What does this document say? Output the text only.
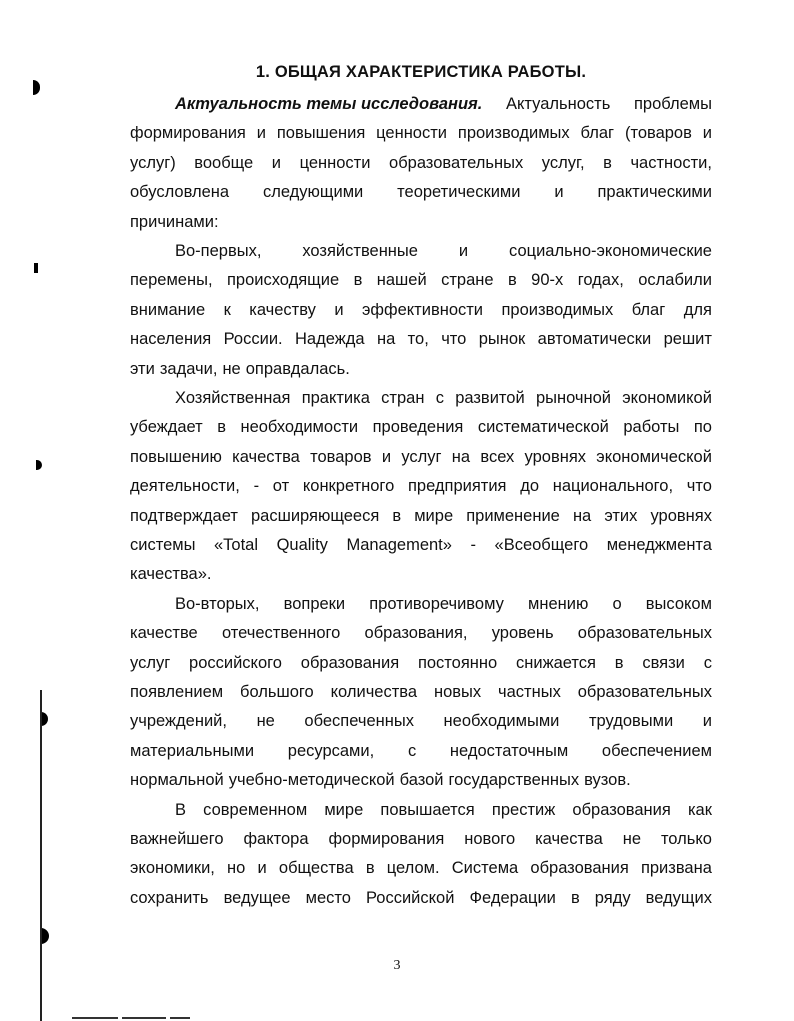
1. ОБЩАЯ ХАРАКТЕРИСТИКА РАБОТЫ.
Актуальность темы исследования. Актуальность проблемы
формирования и повышения ценности производимых благ (товаров и
услуг) вообще и ценности образовательных услуг, в частности,
обусловлена следующими теоретическими и практическими
причинами:
Во-первых, хозяйственные и социально-экономические
перемены, происходящие в нашей стране в 90-х годах, ослабили
внимание к качеству и эффективности производимых благ для
населения России. Надежда на то, что рынок автоматически решит
эти задачи, не оправдалась.
Хозяйственная практика стран с развитой рыночной экономикой
убеждает в необходимости проведения систематической работы по
повышению качества товаров и услуг на всех уровнях экономической
деятельности, - от конкретного предприятия до национального, что
подтверждает расширяющееся в мире применение на этих уровнях
системы «Total Quality Management» - «Всеобщего менеджмента
качества».
Во-вторых, вопреки противоречивому мнению о высоком
качестве отечественного образования, уровень образовательных
услуг российского образования постоянно снижается в связи с
появлением большого количества новых частных образовательных
учреждений, не обеспеченных необходимыми трудовыми и
материальными ресурсами, с недостаточным обеспечением
нормальной учебно-методической базой государственных вузов.
В современном мире повышается престиж образования как
важнейшего фактора формирования нового качества не только
экономики, но и общества в целом. Система образования призвана
сохранить ведущее место Российской Федерации в ряду ведущих
3
